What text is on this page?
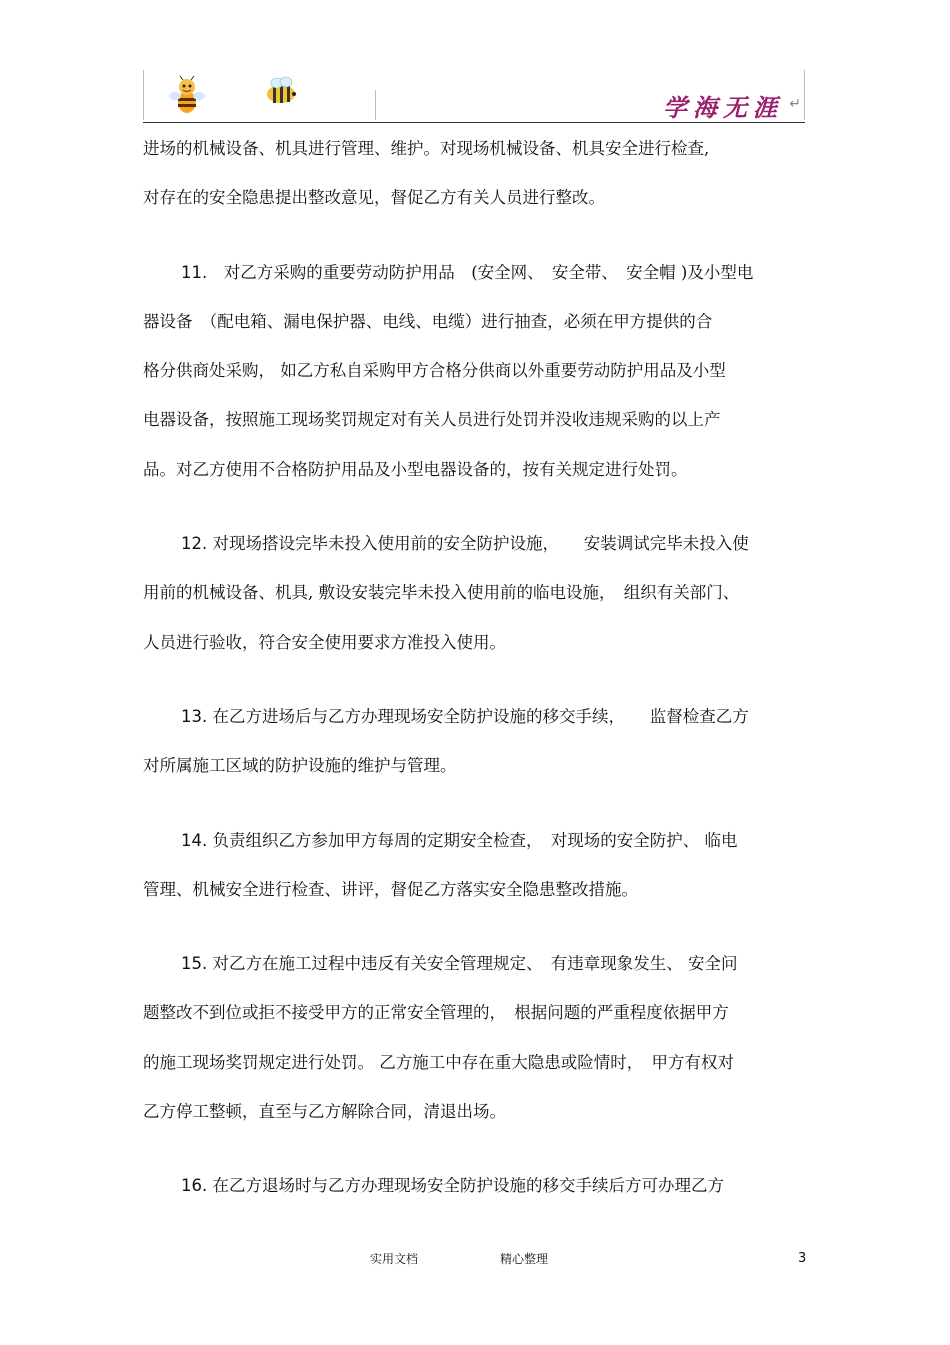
学海无涯 ↵

进场的机械设备、机具进行管理、维护。对现场机械设备、机具安全进行检查,
对存在的安全隐患提出整改意见，督促乙方有关人员进行整改。

11.　 对乙方采购的重要劳动防护用品　(安全网、　安全带、　安全帽 )及小型电
器设备　（配电箱、漏电保护器、电线、电缆）进行抽查，必须在甲方提供的合
格分供商处采购， 如乙方私自采购甲方合格分供商以外重要劳动防护用品及小型
电器设备，按照施工现场奖罚规定对有关人员进行处罚并没收违规采购的以上产
品。对乙方使用不合格防护用品及小型电器设备的，按有关规定进行处罚。

12. 对现场搭设完毕未投入使用前的安全防护设施，　　安装调试完毕未投入使
用前的机械设备、机具, 敷设安装完毕未投入使用前的临电设施，　组织有关部门、
人员进行验收，符合安全使用要求方准投入使用。

13. 在乙方进场后与乙方办理现场安全防护设施的移交手续，　　监督检查乙方
对所属施工区域的防护设施的维护与管理。

14. 负责组织乙方参加甲方每周的定期安全检查，　对现场的安全防护、 临电
管理、机械安全进行检查、讲评，督促乙方落实安全隐患整改措施。

15. 对乙方在施工过程中违反有关安全管理规定、　有违章现象发生、 安全问
题整改不到位或拒不接受甲方的正常安全管理的，　根据问题的严重程度依据甲方
的施工现场奖罚规定进行处罚。 乙方施工中存在重大隐患或险情时，　甲方有权对
乙方停工整顿，直至与乙方解除合同，清退出场。

16. 在乙方退场时与乙方办理现场安全防护设施的移交手续后方可办理乙方

实用文档	精心整理	3
